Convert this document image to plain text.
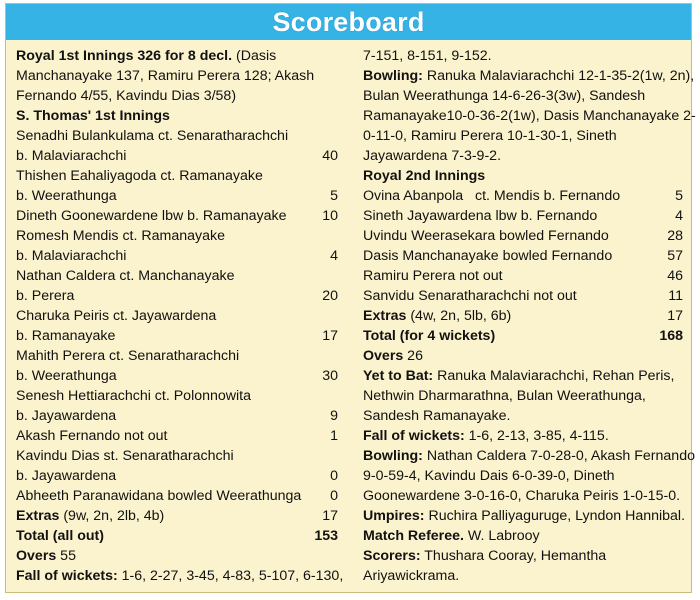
Scoreboard
Royal 1st Innings 326 for 8 decl. (Dasis
Manchanayake 137, Ramiru Perera 128; Akash
Fernando 4/55, Kavindu Dias 3/58)
S. Thomas' 1st Innings
Senadhi Bulankulama ct. Senaratharachchi
b. Malaviarachchi	40
Thishen Eahaliyagoda ct. Ramanayake
b. Weerathunga	5
Dineth Goonewardene lbw b. Ramanayake	10
Romesh Mendis ct. Ramanayake
b. Malaviarachchi	4
Nathan Caldera ct. Manchanayake
b. Perera	20
Charuka Peiris ct. Jayawardena
b. Ramanayake	17
Mahith Perera ct. Senaratharachchi
b. Weerathunga	30
Senesh Hettiarachchi ct. Polonnowita
b. Jayawardena	9
Akash Fernando not out	1
Kavindu Dias st. Senaratharachchi
b. Jayawardena	0
Abheeth Paranawidana bowled Weerathunga 0
Extras (9w, 2n, 2lb, 4b)	17
Total (all out)	153
Overs 55
Fall of wickets: 1-6, 2-27, 3-45, 4-83, 5-107, 6-130,
7-151, 8-151, 9-152.
Bowling: Ranuka Malaviarachchi 12-1-35-2(1w, 2n),
Bulan Weerathunga 14-6-26-3(3w), Sandesh
Ramanayake10-0-36-2(1w), Dasis Manchanayake 2-
0-11-0, Ramiru Perera 10-1-30-1, Sineth
Jayawardena 7-3-9-2.
Royal 2nd Innings
Ovina Abanpola   ct. Mendis b. Fernando	5
Sineth Jayawardena lbw b. Fernando	4
Uvindu Weerasekara bowled Fernando	28
Dasis Manchanayake bowled Fernando	57
Ramiru Perera not out	46
Sanvidu Senaratharachchi not out	11
Extras (4w, 2n, 5lb, 6b)	17
Total (for 4 wickets)	168
Overs 26
Yet to Bat: Ranuka Malaviarachchi, Rehan Peris,
Nethwin Dharmarathna, Bulan Weerathunga,
Sandesh Ramanayake.
Fall of wickets: 1-6, 2-13, 3-85, 4-115.
Bowling: Nathan Caldera 7-0-28-0, Akash Fernando
9-0-59-4, Kavindu Dais 6-0-39-0, Dineth
Goonewardene 3-0-16-0, Charuka Peiris 1-0-15-0.
Umpires: Ruchira Palliyaguruge, Lyndon Hannibal.
Match Referee. W. Labrooy
Scorers: Thushara Cooray, Hemantha
Ariyawickrama.
